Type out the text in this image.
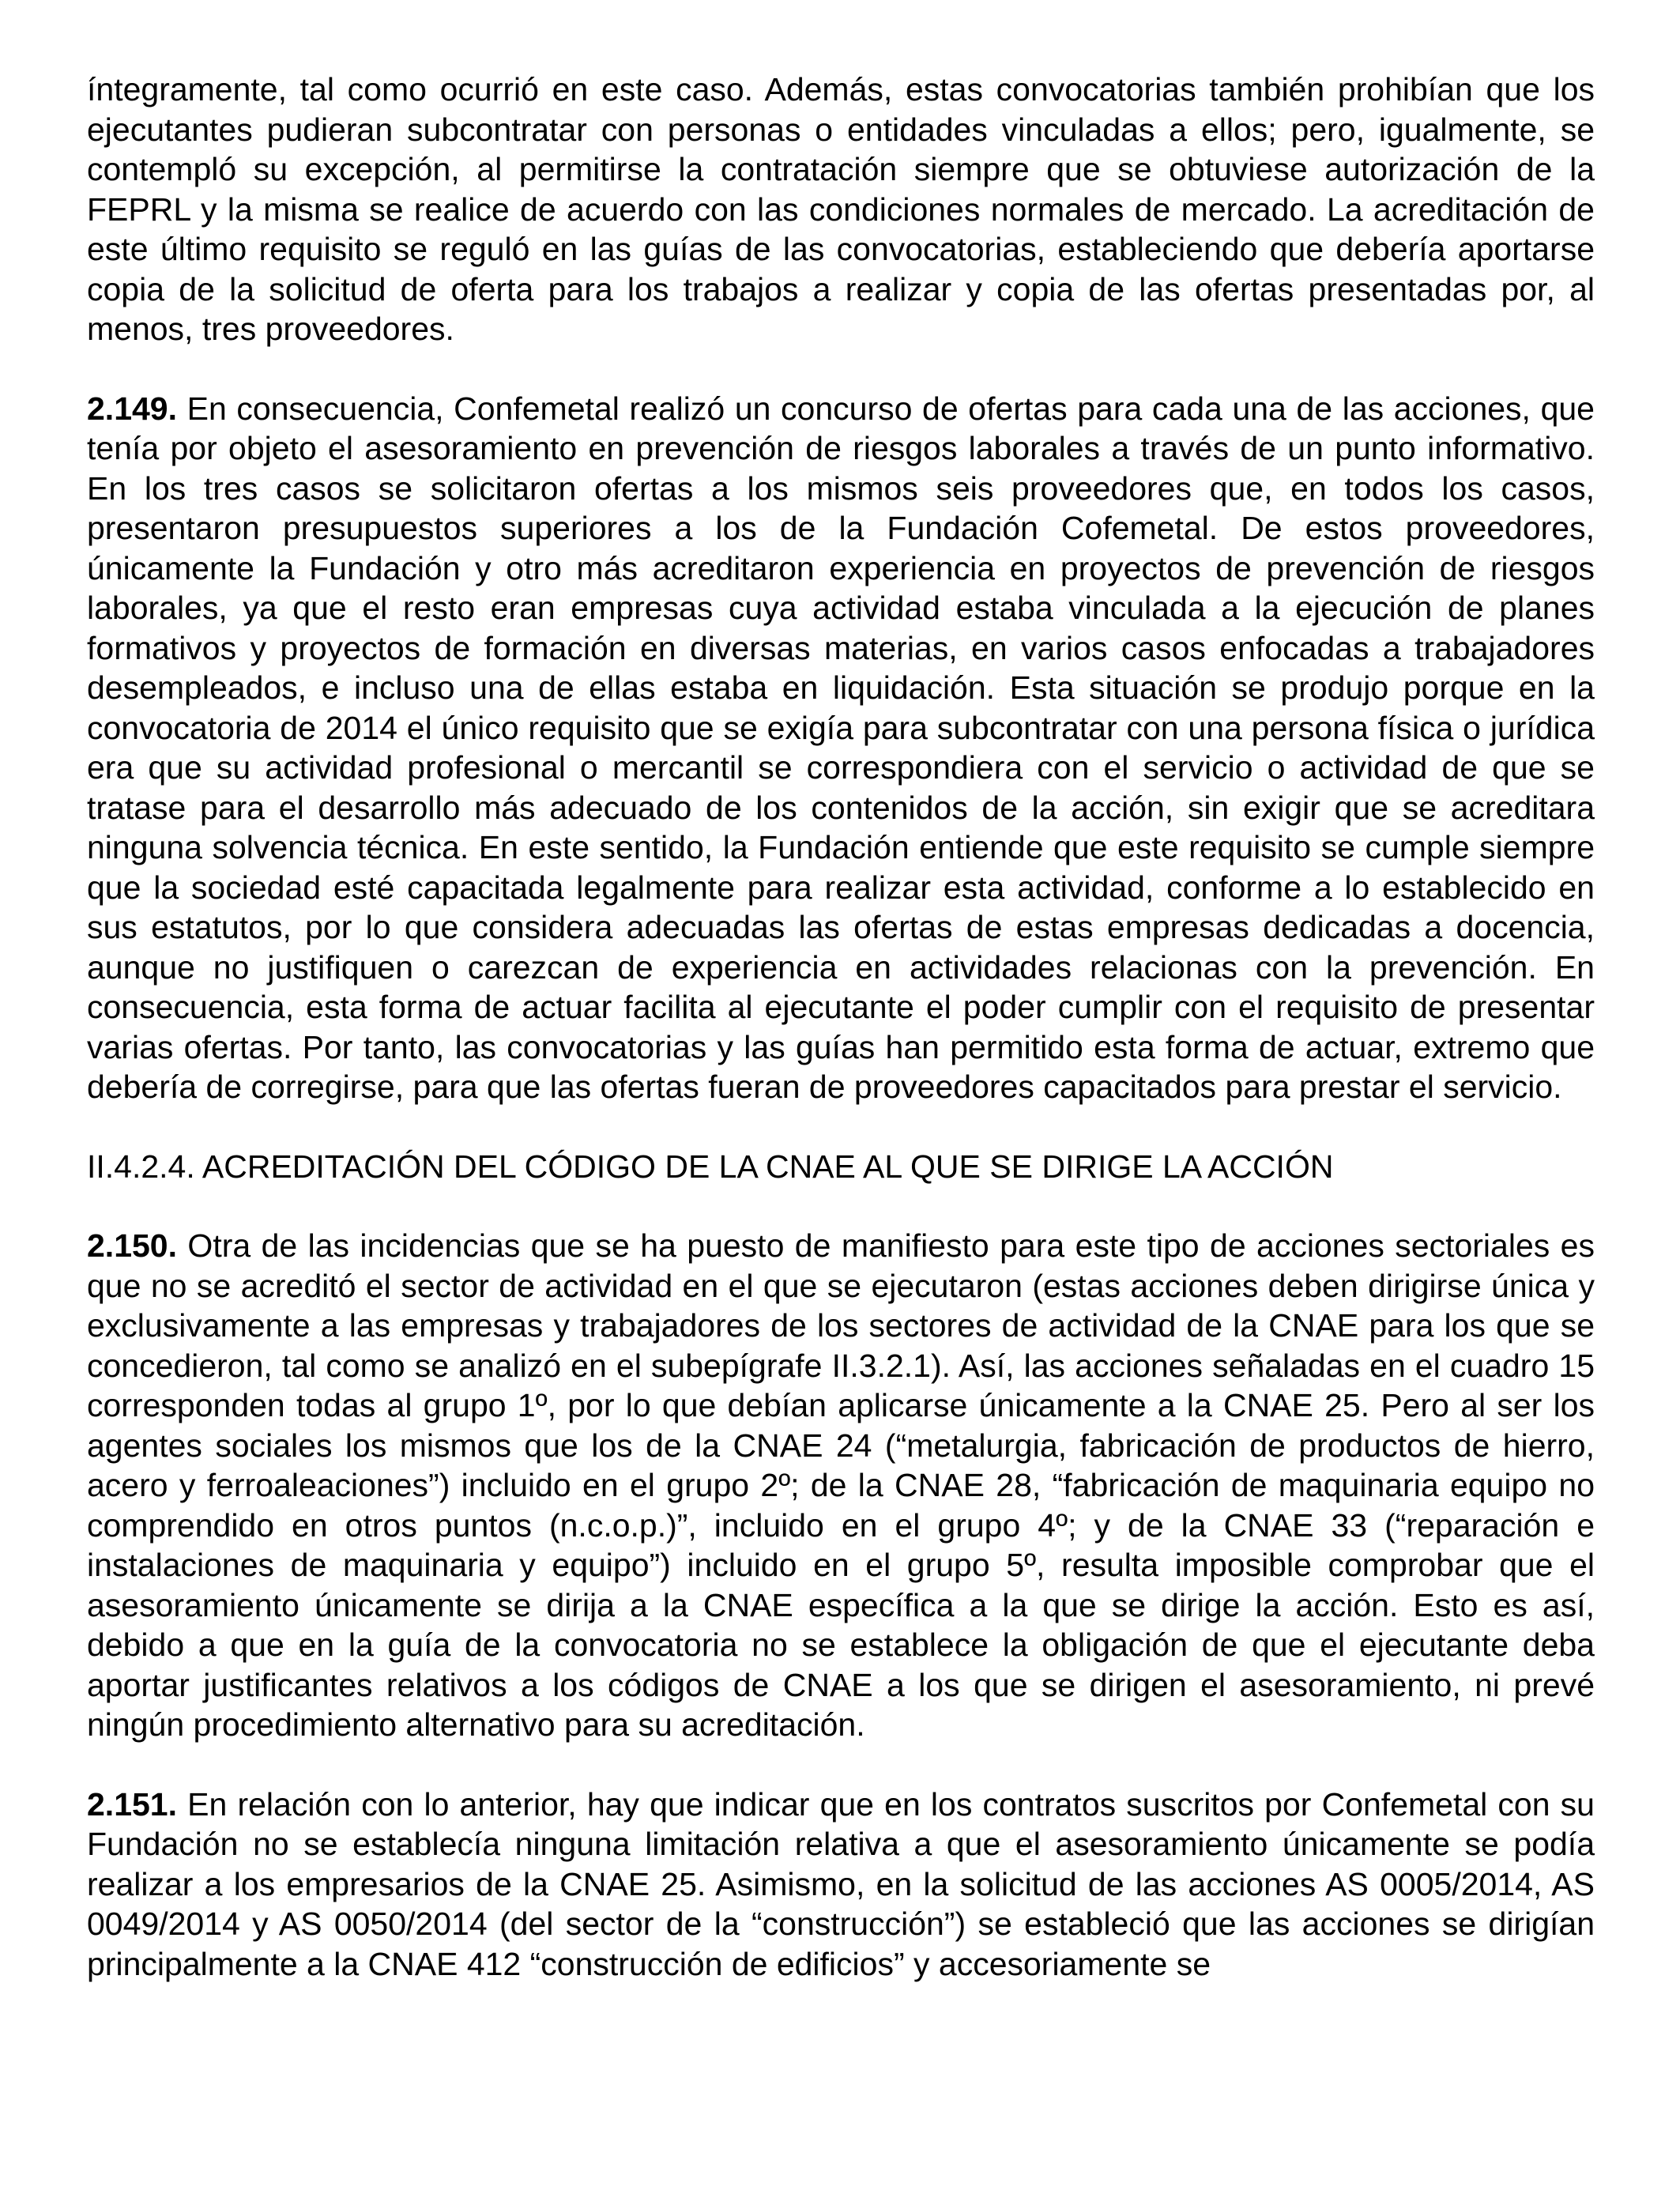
íntegramente, tal como ocurrió en este caso. Además, estas convocatorias también prohibían que los ejecutantes pudieran subcontratar con personas o entidades vinculadas a ellos; pero, igualmente, se contempló su excepción, al permitirse la contratación siempre que se obtuviese autorización de la FEPRL y la misma se realice de acuerdo con las condiciones normales de mercado. La acreditación de este último requisito se reguló en las guías de las convocatorias, estableciendo que debería aportarse copia de la solicitud de oferta para los trabajos a realizar y copia de las ofertas presentadas por, al menos, tres proveedores.

2.149. En consecuencia, Confemetal realizó un concurso de ofertas para cada una de las acciones, que tenía por objeto el asesoramiento en prevención de riesgos laborales a través de un punto informativo. En los tres casos se solicitaron ofertas a los mismos seis proveedores que, en todos los casos, presentaron presupuestos superiores a los de la Fundación Cofemetal. De estos proveedores, únicamente la Fundación y otro más acreditaron experiencia en proyectos de prevención de riesgos laborales, ya que el resto eran empresas cuya actividad estaba vinculada a la ejecución de planes formativos y proyectos de formación en diversas materias, en varios casos enfocadas a trabajadores desempleados, e incluso una de ellas estaba en liquidación. Esta situación se produjo porque en la convocatoria de 2014 el único requisito que se exigía para subcontratar con una persona física o jurídica era que su actividad profesional o mercantil se correspondiera con el servicio o actividad de que se tratase para el desarrollo más adecuado de los contenidos de la acción, sin exigir que se acreditara ninguna solvencia técnica. En este sentido, la Fundación entiende que este requisito se cumple siempre que la sociedad esté capacitada legalmente para realizar esta actividad, conforme a lo establecido en sus estatutos, por lo que considera adecuadas las ofertas de estas empresas dedicadas a docencia, aunque no justifiquen o carezcan de experiencia en actividades relacionas con la prevención. En consecuencia, esta forma de actuar facilita al ejecutante el poder cumplir con el requisito de presentar varias ofertas. Por tanto, las convocatorias y las guías han permitido esta forma de actuar, extremo que debería de corregirse, para que las ofertas fueran de proveedores capacitados para prestar el servicio.

II.4.2.4. ACREDITACIÓN DEL CÓDIGO DE LA CNAE AL QUE SE DIRIGE LA ACCIÓN

2.150. Otra de las incidencias que se ha puesto de manifiesto para este tipo de acciones sectoriales es que no se acreditó el sector de actividad en el que se ejecutaron (estas acciones deben dirigirse única y exclusivamente a las empresas y trabajadores de los sectores de actividad de la CNAE para los que se concedieron, tal como se analizó en el subepígrafe II.3.2.1). Así, las acciones señaladas en el cuadro 15 corresponden todas al grupo 1º, por lo que debían aplicarse únicamente a la CNAE 25. Pero al ser los agentes sociales los mismos que los de la CNAE 24 (“metalurgia, fabricación de productos de hierro, acero y ferroaleaciones”) incluido en el grupo 2º; de la CNAE 28, “fabricación de maquinaria equipo no comprendido en otros puntos (n.c.o.p.)”, incluido en el grupo 4º; y de la CNAE 33 (“reparación e instalaciones de maquinaria y equipo”) incluido en el grupo 5º, resulta imposible comprobar que el asesoramiento únicamente se dirija a la CNAE específica a la que se dirige la acción. Esto es así, debido a que en la guía de la convocatoria no se establece la obligación de que el ejecutante deba aportar justificantes relativos a los códigos de CNAE a los que se dirigen el asesoramiento, ni prevé ningún procedimiento alternativo para su acreditación.

2.151. En relación con lo anterior, hay que indicar que en los contratos suscritos por Confemetal con su Fundación no se establecía ninguna limitación relativa a que el asesoramiento únicamente se podía realizar a los empresarios de la CNAE 25. Asimismo, en la solicitud de las acciones AS 0005/2014, AS 0049/2014 y AS 0050/2014 (del sector de la “construcción”) se estableció que las acciones se dirigían principalmente a la CNAE 412 “construcción de edificios” y accesoriamente se
